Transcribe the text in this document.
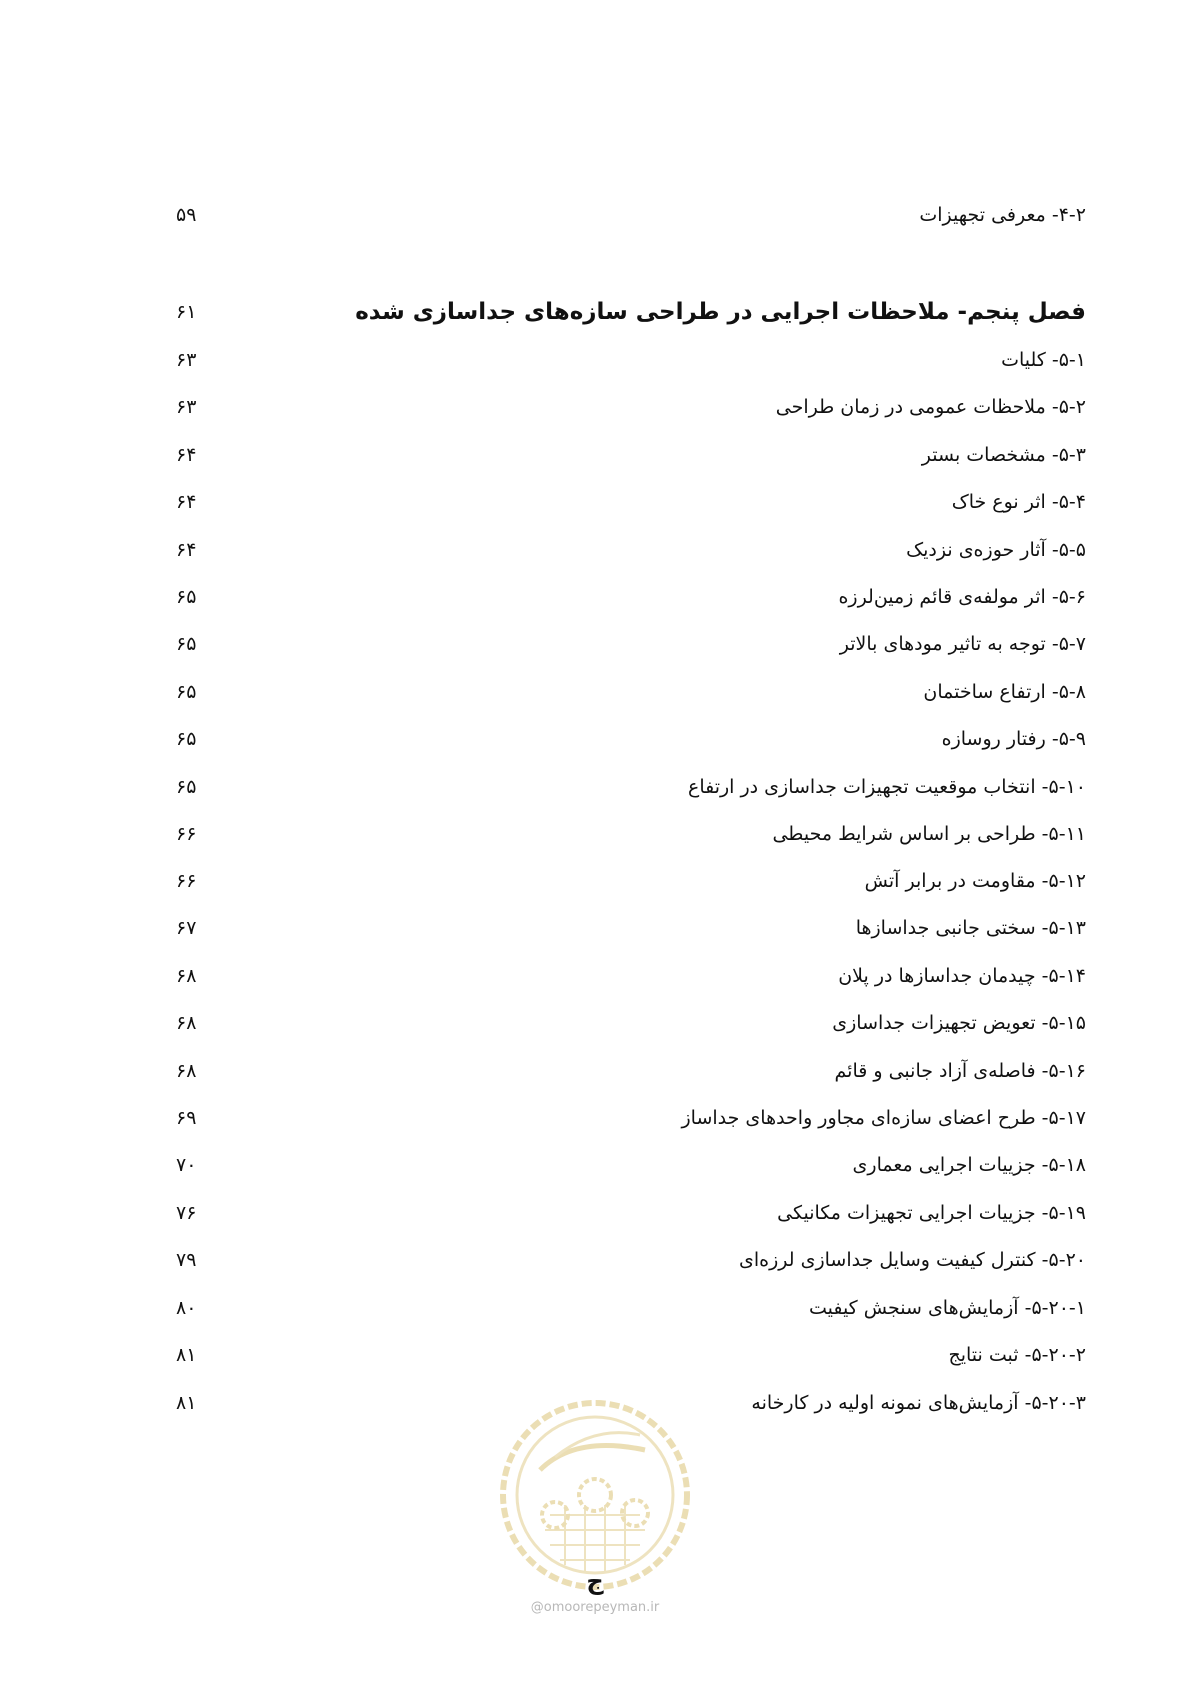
۴-۲- معرفی تجهیزات
۵۹
فصل پنجم- ملاحظات اجرایی در طراحی سازه‌های جداسازی شده
۶۱
۵-۱- کلیات
۶۳
۵-۲- ملاحظات عمومی در زمان طراحی
۶۳
۵-۳- مشخصات بستر
۶۴
۵-۴- اثر نوع خاک
۶۴
۵-۵- آثار حوزه‌ی نزدیک
۶۴
۵-۶- اثر مولفه‌ی قائم زمین‌لرزه
۶۵
۵-۷- توجه به تاثیر مودهای بالاتر
۶۵
۵-۸- ارتفاع ساختمان
۶۵
۵-۹- رفتار روسازه
۶۵
۵-۱۰- انتخاب موقعیت تجهیزات جداسازی در ارتفاع
۶۵
۵-۱۱- طراحی بر اساس شرایط محیطی
۶۶
۵-۱۲- مقاومت در برابر آتش
۶۶
۵-۱۳- سختی جانبی جداسازها
۶۷
۵-۱۴- چیدمان جداسازها در پلان
۶۸
۵-۱۵- تعویض تجهیزات جداسازی
۶۸
۵-۱۶- فاصله‌ی آزاد جانبی و قائم
۶۸
۵-۱۷- طرح اعضای سازه‌ای مجاور واحدهای جداساز
۶۹
۵-۱۸- جزییات اجرایی معماری
۷۰
۵-۱۹- جزییات اجرایی تجهیزات مکانیکی
۷۶
۵-۲۰- کنترل کیفیت وسایل جداسازی لرزه‌ای
۷۹
۵-۲۰-۱- آزمایش‌های سنجش کیفیت
۸۰
۵-۲۰-۲- ثبت نتایج
۸۱
۵-۲۰-۳- آزمایش‌های نمونه اولیه در کارخانه
۸۱
ج
@omoorepeyman.ir
